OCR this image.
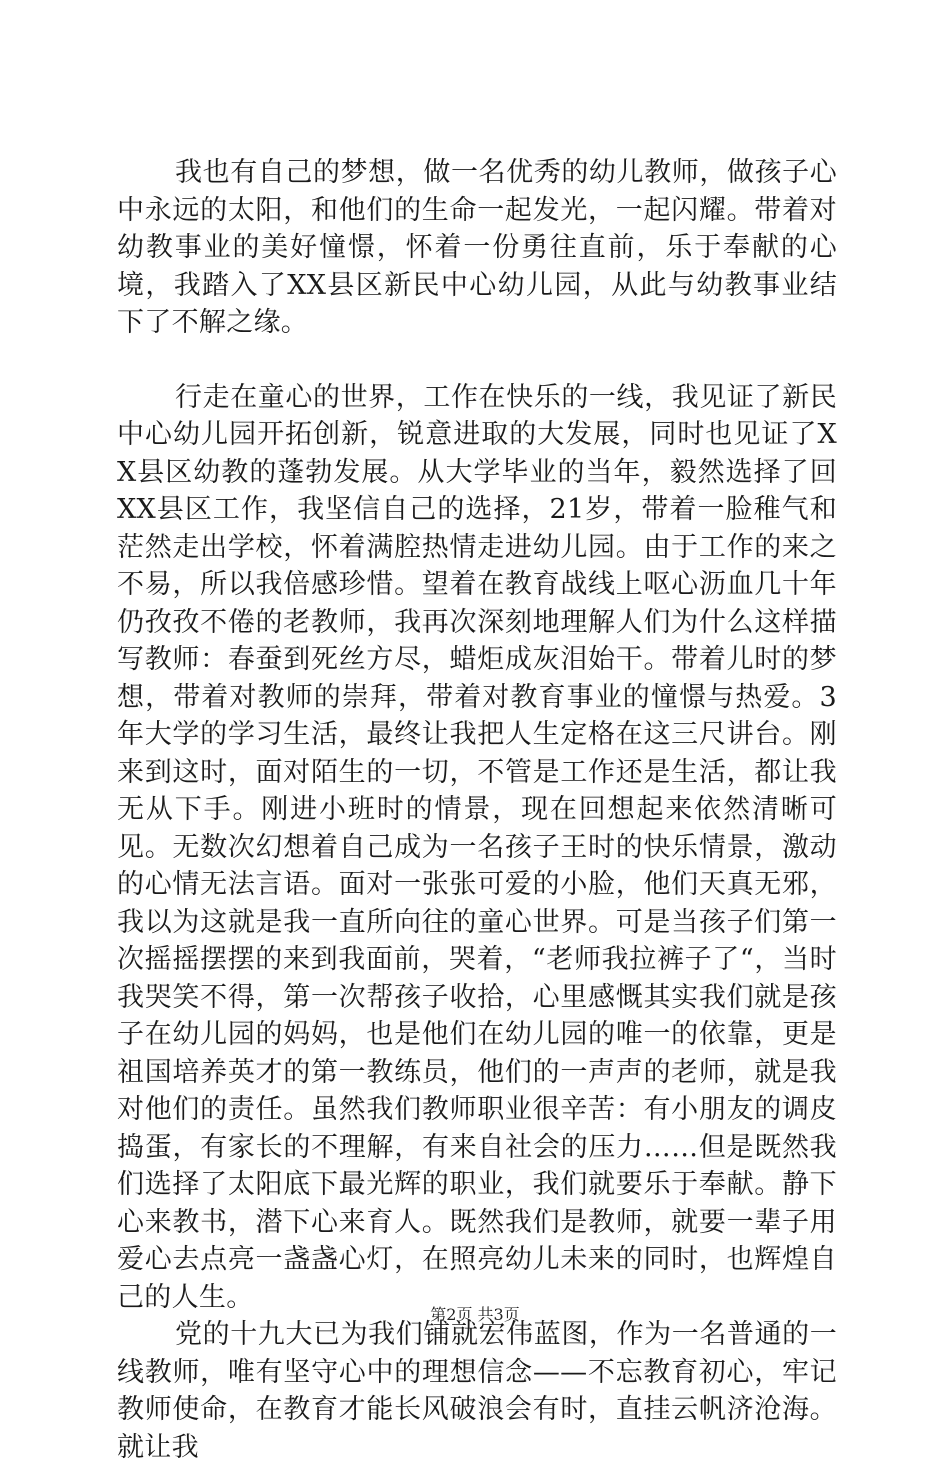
我也有自己的梦想，做一名优秀的幼儿教师，做孩子心中永远的太阳，和他们的生命一起发光，一起闪耀。带着对幼教事业的美好憧憬，怀着一份勇往直前，乐于奉献的心境，我踏入了XX县区新民中心幼儿园，从此与幼教事业结下了不解之缘。

行走在童心的世界，工作在快乐的一线，我见证了新民中心幼儿园开拓创新，锐意进取的大发展，同时也见证了XX县区幼教的蓬勃发展。从大学毕业的当年，毅然选择了回XX县区工作，我坚信自己的选择，21岁，带着一脸稚气和茫然走出学校，怀着满腔热情走进幼儿园。由于工作的来之不易，所以我倍感珍惜。望着在教育战线上呕心沥血几十年仍孜孜不倦的老教师，我再次深刻地理解人们为什么这样描写教师：春蚕到死丝方尽，蜡炬成灰泪始干。带着儿时的梦想，带着对教师的崇拜，带着对教育事业的憧憬与热爱。3年大学的学习生活，最终让我把人生定格在这三尺讲台。刚来到这时，面对陌生的一切，不管是工作还是生活，都让我无从下手。刚进小班时的情景，现在回想起来依然清晰可见。无数次幻想着自己成为一名孩子王时的快乐情景，激动的心情无法言语。面对一张张可爱的小脸，他们天真无邪，我以为这就是我一直所向往的童心世界。可是当孩子们第一次摇摇摆摆的来到我面前，哭着，“老师我拉裤子了“，当时我哭笑不得，第一次帮孩子收拾，心里感慨其实我们就是孩子在幼儿园的妈妈，也是他们在幼儿园的唯一的依靠，更是祖国培养英才的第一教练员，他们的一声声的老师，就是我对他们的责任。虽然我们教师职业很辛苦：有小朋友的调皮捣蛋，有家长的不理解，有来自社会的压力……但是既然我们选择了太阳底下最光辉的职业，我们就要乐于奉献。静下心来教书，潜下心来育人。既然我们是教师，就要一辈子用爱心去点亮一盏盏心灯，在照亮幼儿未来的同时，也辉煌自己的人生。

党的十九大已为我们铺就宏伟蓝图，作为一名普通的一线教师，唯有坚守心中的理想信念——不忘教育初心，牢记教师使命，在教育才能长风破浪会有时，直挂云帆济沧海。就让我

第2页 共3页
